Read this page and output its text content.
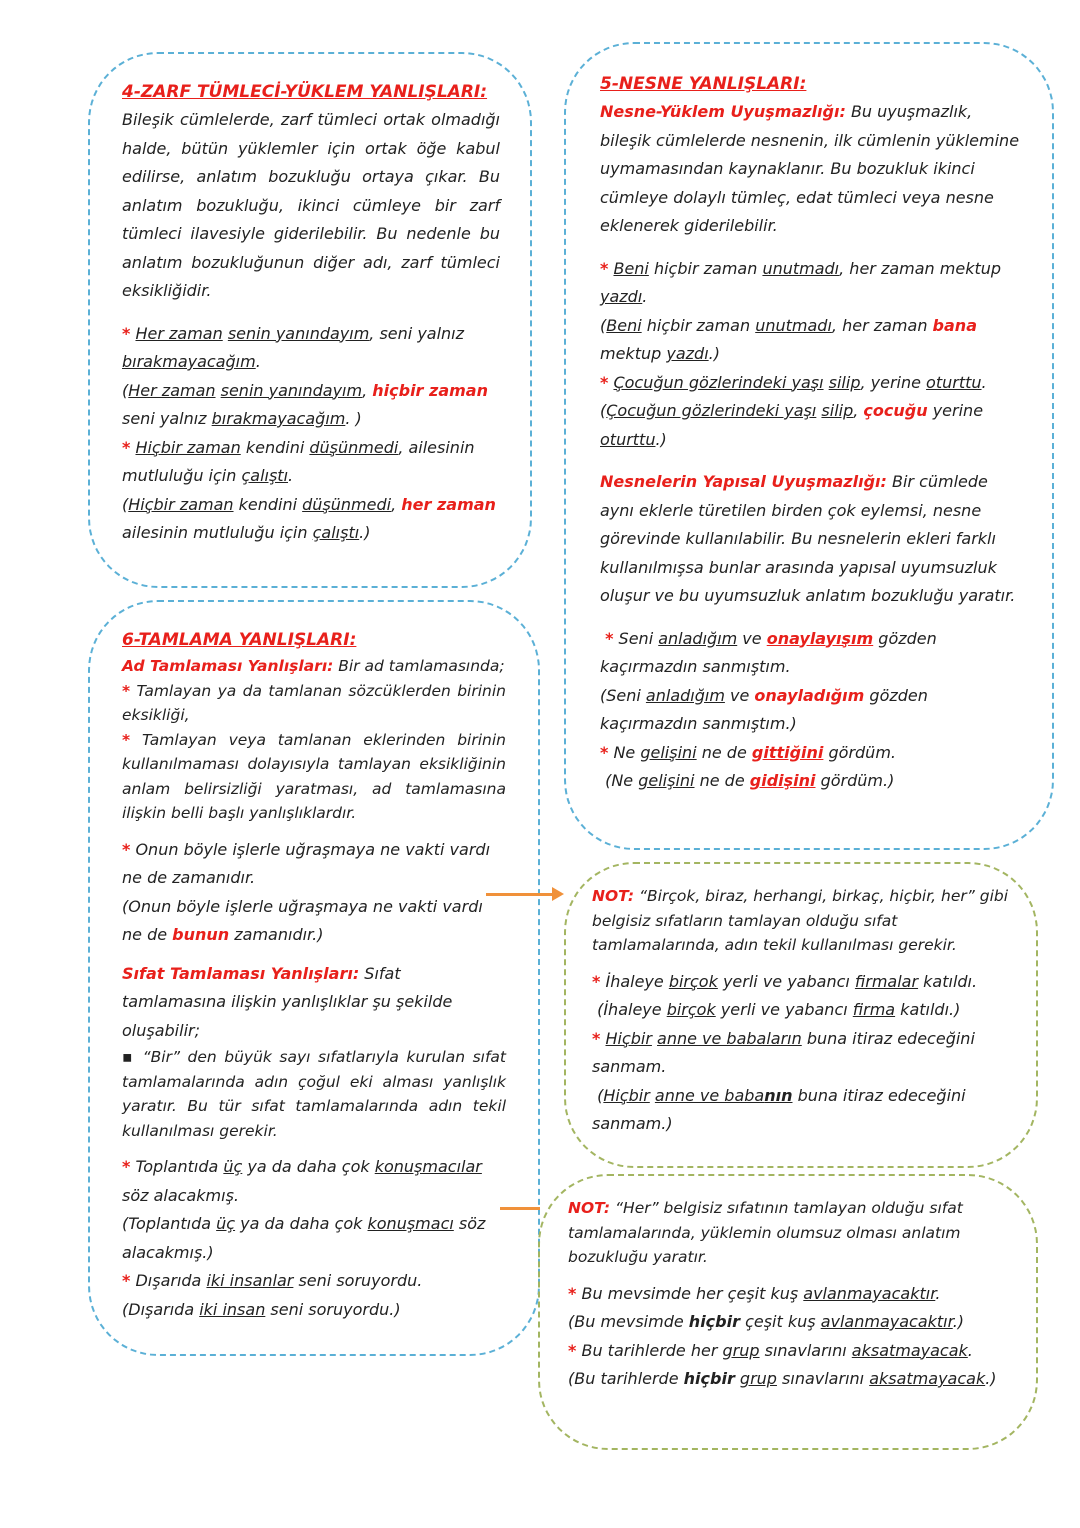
4-ZARF TÜMLECİ-YÜKLEM YANLIŞLARI:
Bileşik cümlelerde, zarf tümleci ortak olmadığı halde, bütün yüklemler için ortak öğe kabul edilirse, anlatım bozukluğu ortaya çıkar. Bu anlatım bozukluğu, ikinci cümleye bir zarf tümleci ilavesiyle giderilebilir. Bu nedenle bu anlatım bozukluğunun diğer adı, zarf tümleci eksikliğidir.
* Her zaman senin yanındayım, seni yalnız bırakmayacağım.
(Her zaman senin yanındayım, hiçbir zaman seni yalnız bırakmayacağım. )
* Hiçbir zaman kendini düşünmedi, ailesinin mutluluğu için çalıştı.
(Hiçbir zaman kendini düşünmedi, her zaman ailesinin mutluluğu için çalıştı.)
5-NESNE YANLIŞLARI:
Nesne-Yüklem Uyuşmazlığı: Bu uyuşmazlık, bileşik cümlelerde nesnenin, ilk cümlenin yüklemine uymamasından kaynaklanır. Bu bozukluk ikinci cümleye dolaylı tümleç, edat tümleci veya nesne eklenerek giderilebilir.
* Beni hiçbir zaman unutmadı, her zaman mektup yazdı.
(Beni hiçbir zaman unutmadı, her zaman bana mektup yazdı.)
* Çocuğun gözlerindeki yaşı silip, yerine oturttu.
(Çocuğun gözlerindeki yaşı silip, çocuğu yerine oturttu.)
Nesnelerin Yapısal Uyuşmazlığı: Bir cümlede aynı eklerle türetilen birden çok eylemsi, nesne görevinde kullanılabilir. Bu nesnelerin ekleri farklı kullanılmışsa bunlar arasında yapısal uyumsuzluk oluşur ve bu uyumsuzluk anlatım bozukluğu yaratır.
* Seni anladığım ve onaylayışım gözden kaçırmazdın sanmıştım.
(Seni anladığım ve onayladığım gözden kaçırmazdın sanmıştım.)
* Ne gelişini ne de gittiğini gördüm.
(Ne gelişini ne de gidişini gördüm.)
6-TAMLAMA YANLIŞLARI:
Ad Tamlaması Yanlışları: Bir ad tamlamasında;
* Tamlayan ya da tamlanan sözcüklerden birinin eksikliği,
* Tamlayan veya tamlanan eklerinden birinin kullanılmaması dolayısıyla tamlayan eksikliğinin anlam belirsizliği yaratması, ad tamlamasına ilişkin belli başlı yanlışlıklardır.
* Onun böyle işlerle uğraşmaya ne vakti vardı ne de zamanıdır.
(Onun böyle işlerle uğraşmaya ne vakti vardı ne de bunun zamanıdır.)
Sıfat Tamlaması Yanlışları: Sıfat tamlamasına ilişkin yanlışlıklar şu şekilde oluşabilir;
▪ “Bir” den büyük sayı sıfatlarıyla kurulan sıfat tamlamalarında adın çoğul eki alması yanlışlık yaratır. Bu tür sıfat tamlamalarında adın tekil kullanılması gerekir.
* Toplantıda üç ya da daha çok konuşmacılar söz alacakmış.
(Toplantıda üç ya da daha çok konuşmacı söz alacakmış.)
* Dışarıda iki insanlar seni soruyordu.
(Dışarıda iki insan seni soruyordu.)
NOT: “Birçok, biraz, herhangi, birkaç, hiçbir, her” gibi belgisiz sıfatların tamlayan olduğu sıfat tamlamalarında, adın tekil kullanılması gerekir.
* İhaleye birçok yerli ve yabancı firmalar katıldı.
(İhaleye birçok yerli ve yabancı firma katıldı.)
* Hiçbir anne ve babaların buna itiraz edeceğini sanmam.
(Hiçbir anne ve babanın buna itiraz edeceğini sanmam.)
NOT: “Her” belgisiz sıfatının tamlayan olduğu sıfat tamlamalarında, yüklemin olumsuz olması anlatım bozukluğu yaratır.
* Bu mevsimde her çeşit kuş avlanmayacaktır.
(Bu mevsimde hiçbir çeşit kuş avlanmayacaktır.)
* Bu tarihlerde her grup sınavlarını aksatmayacak.
(Bu tarihlerde hiçbir grup sınavlarını aksatmayacak.)
